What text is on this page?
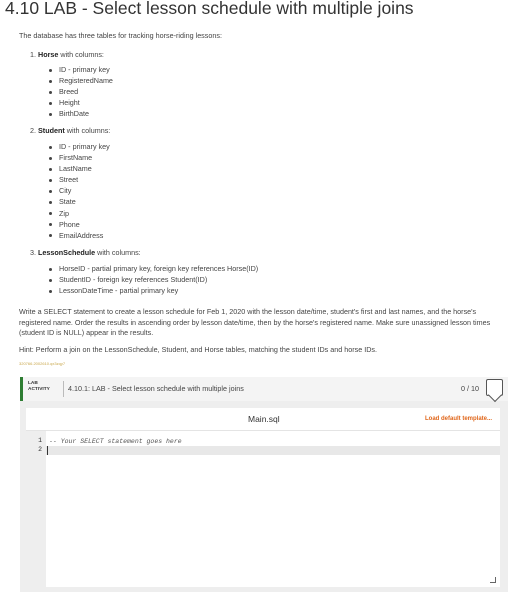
4.10 LAB - Select lesson schedule with multiple joins
The database has three tables for tracking horse-riding lessons:
1. Horse with columns:
ID - primary key
RegisteredName
Breed
Height
BirthDate
2. Student with columns:
ID - primary key
FirstName
LastName
Street
City
State
Zip
Phone
EmailAddress
3. LessonSchedule with columns:
HorseID - partial primary key, foreign key references Horse(ID)
StudentID - foreign key references Student(ID)
LessonDateTime - partial primary key
Write a SELECT statement to create a lesson schedule for Feb 1, 2020 with the lesson date/time, student's first and last names, and the horse's registered name. Order the results in ascending order by lesson date/time, then by the horse's registered name. Make sure unassigned lesson times (student ID is NULL) appear in the results.
Hint: Perform a join on the LessonSchedule, Student, and Horse tables, matching the student IDs and horse IDs.
320766.2002610.qx3zqy7
LAB ACTIVITY	4.10.1: LAB - Select lesson schedule with multiple joins	0 / 10
Main.sql	Load default template...
1
2
-- Your SELECT statement goes here
